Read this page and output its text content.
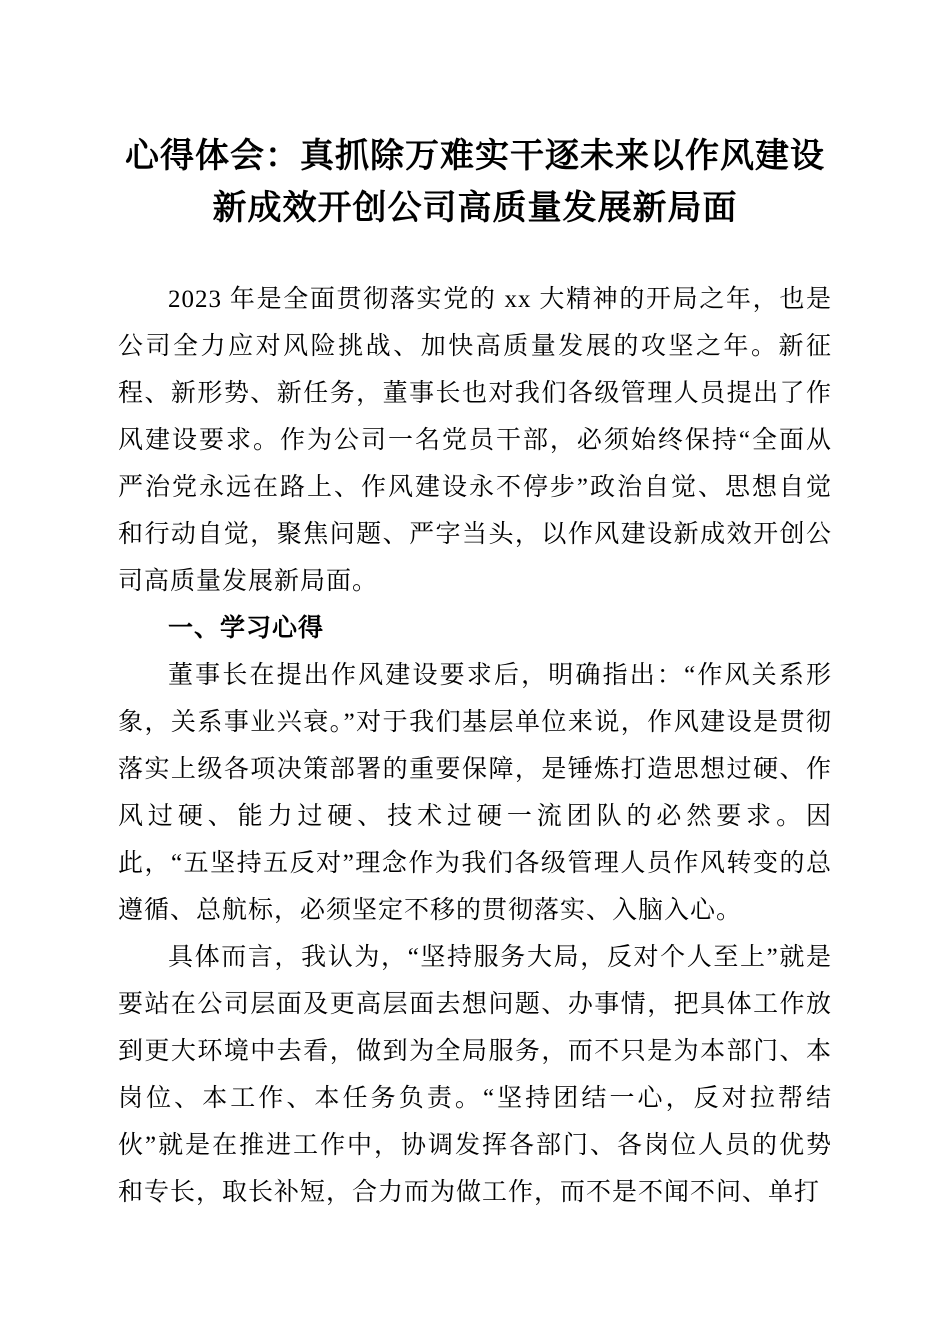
心得体会：真抓除万难实干逐未来以作风建设
新成效开创公司高质量发展新局面

2023 年是全面贯彻落实党的 xx 大精神的开局之年，也是公司全力应对风险挑战、加快高质量发展的攻坚之年。新征程、新形势、新任务，董事长也对我们各级管理人员提出了作风建设要求。作为公司一名党员干部，必须始终保持“全面从严治党永远在路上、作风建设永不停步”政治自觉、思想自觉和行动自觉，聚焦问题、严字当头，以作风建设新成效开创公司高质量发展新局面。

一、学习心得

董事长在提出作风建设要求后，明确指出：“作风关系形象，关系事业兴衰。”对于我们基层单位来说，作风建设是贯彻落实上级各项决策部署的重要保障，是锤炼打造思想过硬、作风过硬、能力过硬、技术过硬一流团队的必然要求。因此，“五坚持五反对”理念作为我们各级管理人员作风转变的总遵循、总航标，必须坚定不移的贯彻落实、入脑入心。

具体而言，我认为，“坚持服务大局，反对个人至上”就是要站在公司层面及更高层面去想问题、办事情，把具体工作放到更大环境中去看，做到为全局服务，而不只是为本部门、本岗位、本工作、本任务负责。“坚持团结一心，反对拉帮结伙”就是在推进工作中，协调发挥各部门、各岗位人员的优势和专长，取长补短，合力而为做工作，而不是不闻不问、单打
